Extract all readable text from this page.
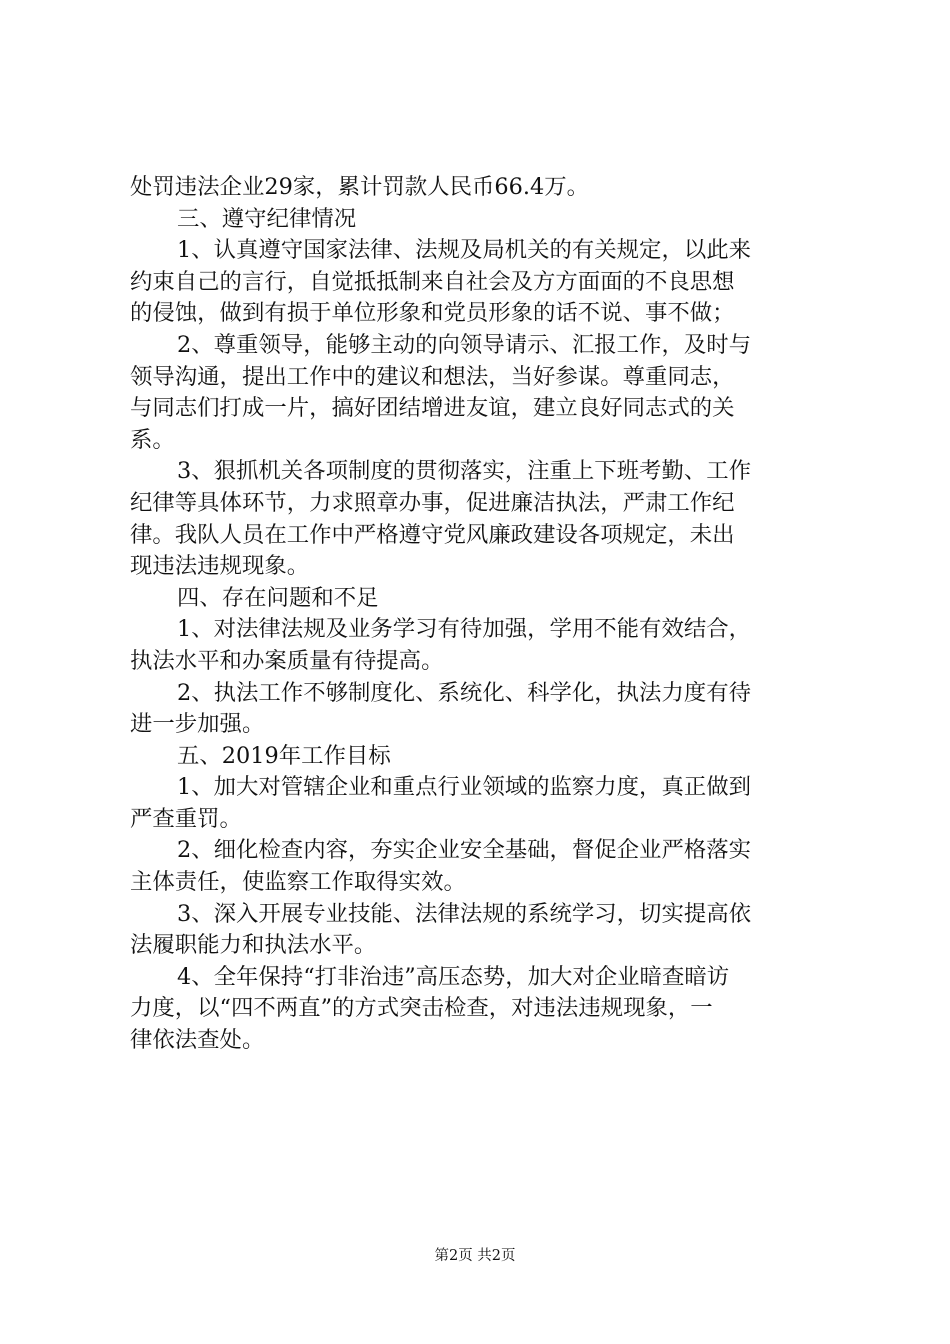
处罚违法企业29家，累计罚款人民币66.4万。
三、遵守纪律情况
1、认真遵守国家法律、法规及局机关的有关规定，以此来
约束自己的言行，自觉抵抵制来自社会及方方面面的不良思想
的侵蚀，做到有损于单位形象和党员形象的话不说、事不做；
2、尊重领导，能够主动的向领导请示、汇报工作，及时与
领导沟通，提出工作中的建议和想法，当好参谋。尊重同志，
与同志们打成一片，搞好团结增进友谊，建立良好同志式的关
系。
3、狠抓机关各项制度的贯彻落实，注重上下班考勤、工作
纪律等具体环节，力求照章办事，促进廉洁执法，严肃工作纪
律。我队人员在工作中严格遵守党风廉政建设各项规定，未出
现违法违规现象。
四、存在问题和不足
1、对法律法规及业务学习有待加强，学用不能有效结合，
执法水平和办案质量有待提高。
2、执法工作不够制度化、系统化、科学化，执法力度有待
进一步加强。
五、2019年工作目标
1、加大对管辖企业和重点行业领域的监察力度，真正做到
严查重罚。
2、细化检查内容，夯实企业安全基础，督促企业严格落实
主体责任，使监察工作取得实效。
3、深入开展专业技能、法律法规的系统学习，切实提高依
法履职能力和执法水平。
4、全年保持“打非治违”高压态势，加大对企业暗查暗访
力度，以“四不两直”的方式突击检查，对违法违规现象，一
律依法查处。
第2页 共2页
